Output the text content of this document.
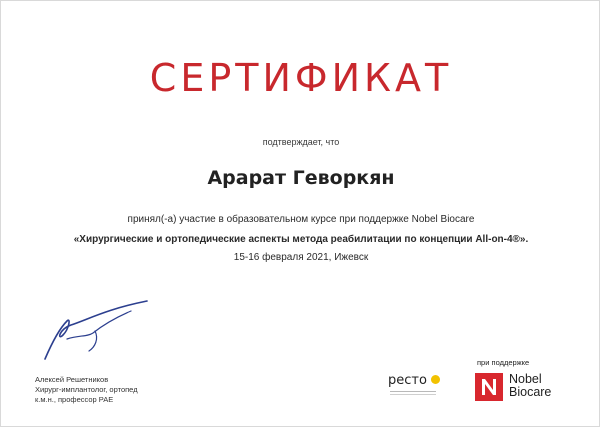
СЕРТИФИКАТ
подтверждает, что
Арарат Геворкян
принял(-а) участие в образовательном курсе при поддержке Nobel Biocare
«Хирургические и ортопедические аспекты метода реабилитации по концепции All-on-4®».
15-16 февраля 2021, Ижевск
Алексей Решетников
Хирург-имплантолог, ортопед
к.м.н., профессор РАЕ
при поддержке
ресто	Nobel
Biocare
